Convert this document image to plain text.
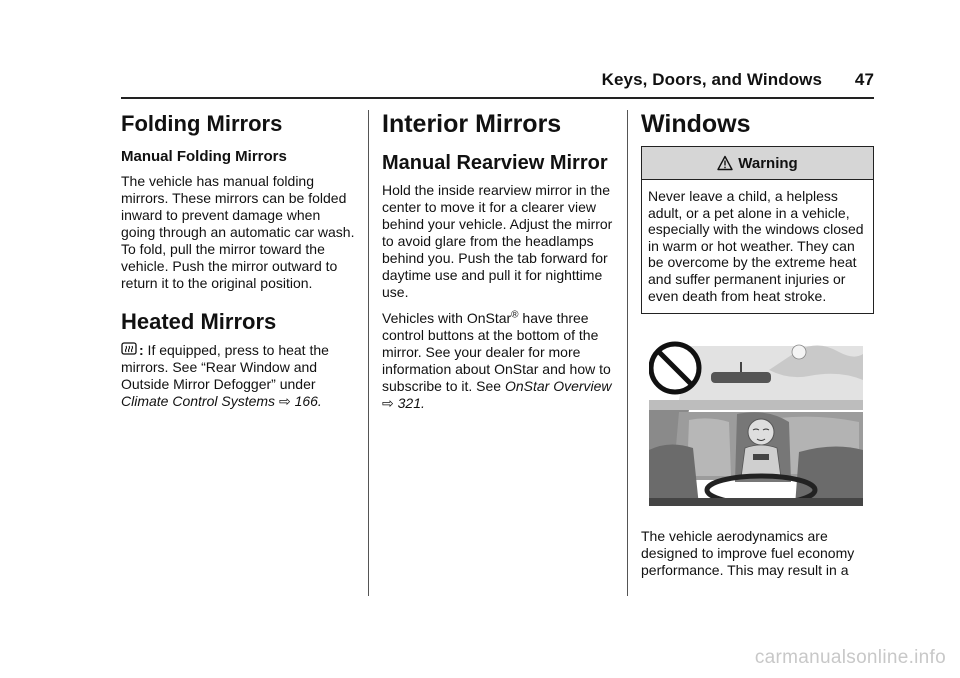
Keys, Doors, and Windows 47
Folding Mirrors
Manual Folding Mirrors

The vehicle has manual folding mirrors. These mirrors can be folded inward to prevent damage when going through an automatic car wash. To fold, pull the mirror toward the vehicle. Push the mirror outward to return it to the original position.

Heated Mirrors

: If equipped, press to heat the mirrors. See “Rear Window and Outside Mirror Defogger” under Climate Control Systems ⇨ 166.

Interior Mirrors
Manual Rearview Mirror

Hold the inside rearview mirror in the center to move it for a clearer view behind your vehicle. Adjust the mirror to avoid glare from the headlamps behind you. Push the tab forward for daytime use and pull it for nighttime use.

Vehicles with OnStar® have three control buttons at the bottom of the mirror. See your dealer for more information about OnStar and how to subscribe to it. See OnStar Overview ⇨ 321.

Windows
Warning
Never leave a child, a helpless adult, or a pet alone in a vehicle, especially with the windows closed in warm or hot weather. They can be overcome by the extreme heat and suffer permanent injuries or even death from heat stroke.

The vehicle aerodynamics are designed to improve fuel economy performance. This may result in a

carmanualsonline.info
